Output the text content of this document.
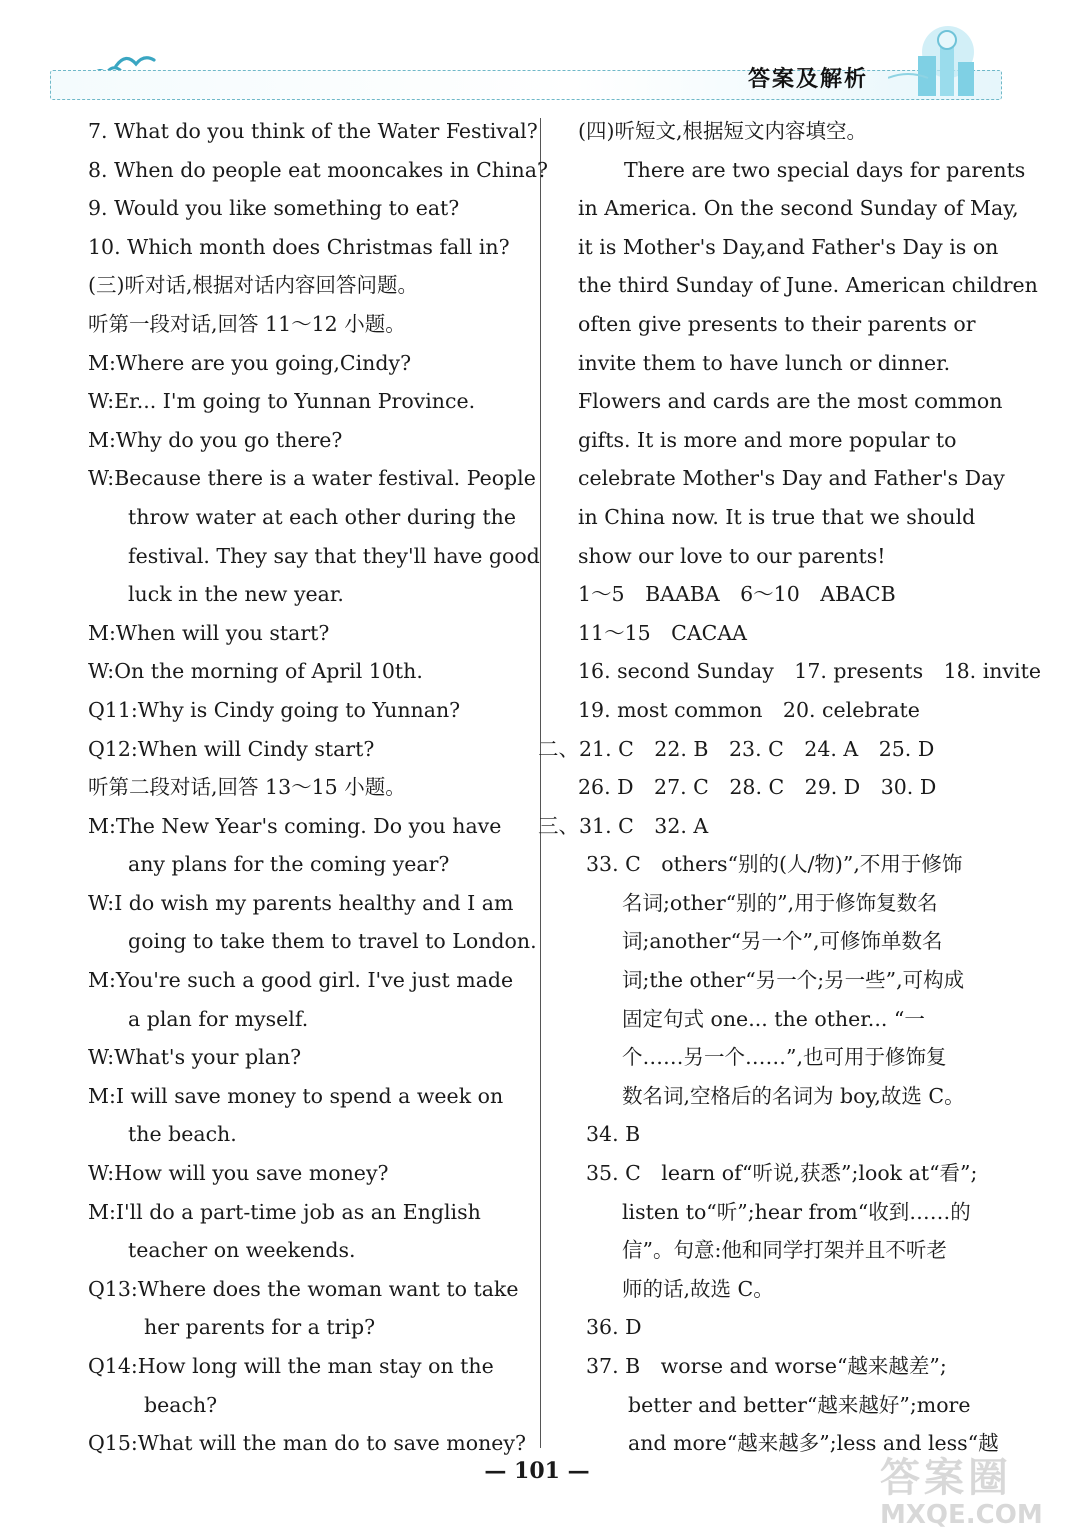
答案及解析
7. What do you think of the Water Festival?
8. When do people eat mooncakes in China?
9. Would you like something to eat?
10. Which month does Christmas fall in?
(三)听对话,根据对话内容回答问题。
听第一段对话,回答 11～12 小题。
M:Where are you going,Cindy?
W:Er... I'm going to Yunnan Province.
M:Why do you go there?
W:Because there is a water festival. People
throw water at each other during the
festival. They say that they'll have good
luck in the new year.
M:When will you start?
W:On the morning of April 10th.
Q11:Why is Cindy going to Yunnan?
Q12:When will Cindy start?
听第二段对话,回答 13～15 小题。
M:The New Year's coming. Do you have
any plans for the coming year?
W:I do wish my parents healthy and I am
going to take them to travel to London.
M:You're such a good girl. I've just made
a plan for myself.
W:What's your plan?
M:I will save money to spend a week on
the beach.
W:How will you save money?
M:I'll do a part-time job as an English
teacher on weekends.
Q13:Where does the woman want to take
her parents for a trip?
Q14:How long will the man stay on the
beach?
Q15:What will the man do to save money?
(四)听短文,根据短文内容填空。
There are two special days for parents
in America. On the second Sunday of May,
it is Mother's Day,and Father's Day is on
the third Sunday of June. American children
often give presents to their parents or
invite them to have lunch or dinner.
Flowers and cards are the most common
gifts. It is more and more popular to
celebrate Mother's Day and Father's Day
in China now. It is true that we should
show our love to our parents!
1～5　BAABA　6～10　ABACB
11～15　CACAA
16. second Sunday　17. presents　18. invite
19. most common　20. celebrate
二、21. C　22. B　23. C　24. A　25. D
26. D　27. C　28. C　29. D　30. D
三、31. C　32. A
33. C　others“别的(人/物)”,不用于修饰
名词;other“别的”,用于修饰复数名
词;another“另一个”,可修饰单数名
词;the other“另一个;另一些”,可构成
固定句式 one... the other... “一
个……另一个……”,也可用于修饰复
数名词,空格后的名词为 boy,故选 C。
34. B
35. C　learn of“听说,获悉”;look at“看”;
listen to“听”;hear from“收到……的
信”。句意:他和同学打架并且不听老
师的话,故选 C。
36. D
37. B　worse and worse“越来越差”;
better and better“越来越好”;more
and more“越来越多”;less and less“越
— 101 —	答案圈
MXQE.COM
